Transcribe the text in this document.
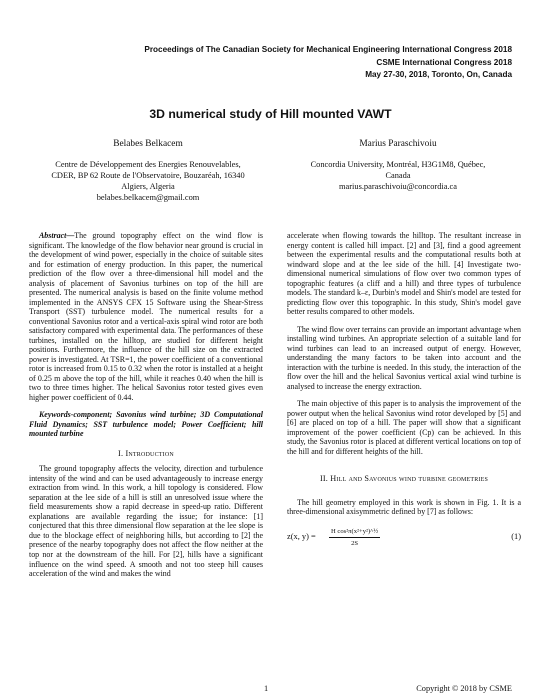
Proceedings of The Canadian Society for Mechanical Engineering International Congress 2018
CSME International Congress 2018
May 27-30, 2018, Toronto, On, Canada
3D numerical study of Hill mounted VAWT
Belabes Belkacem
Centre de Développement des Energies Renouvelables,
CDER, BP 62 Route de l'Observatoire, Bouzaréah, 16340
Algiers, Algeria
belabes.belkacem@gmail.com
Marius Paraschivoiu
Concordia University, Montréal, H3G1M8, Québec,
Canada
marius.paraschivoiu@concordia.ca

Abstract—The ground topography effect on the wind flow is significant. The knowledge of the flow behavior near ground is crucial in the development of wind power, especially in the choice of suitable sites and for estimation of energy production. In this paper, the numerical prediction of the flow over a three-dimensional hill model and the analysis of placement of Savonius turbines on top of the hill are presented. The numerical analysis is based on the finite volume method implemented in the ANSYS CFX 15 Software using the Shear-Stress Transport (SST) turbulence model. The numerical results for a conventional Savonius rotor and a vertical-axis spiral wind rotor are both satisfactory compared with experimental data. The performances of these turbines, installed on the hilltop, are studied for different height positions. Furthermore, the influence of the hill size on the extracted power is investigated. At TSR=1, the power coefficient of a conventional rotor is increased from 0.15 to 0.32 when the rotor is installed at a height of 0.25 m above the top of the hill, while it reaches 0.40 when the hill is two to three times higher. The helical Savonius rotor tested gives even higher power coefficient of 0.44.

Keywords-component; Savonius wind turbine; 3D Computational Fluid Dynamics; SST turbulence model; Power Coefficient; hill mounted turbine

I. Introduction

The ground topography affects the velocity, direction and turbulence intensity of the wind and can be used advantageously to increase energy extraction from wind. In this work, a hill topology is considered. Flow separation at the lee side of a hill is still an unresolved issue where the field measurements show a rapid decrease in speed-up ratio. Different explanations are available regarding the issue; for instance: [1] conjectured that this three dimensional flow separation at the lee slope is due to the blockage effect of neighboring hills, but according to [2] the presence of the nearby topography does not affect the flow neither at the top nor at the downstream of the hill. For [2], hills have a significant influence on the wind speed. A smooth and not too steep hill causes acceleration of the wind and makes the wind

accelerate when flowing towards the hilltop. The resultant increase in energy content is called hill impact. [2] and [3], find a good agreement between the experimental results and the computational results both at windward slope and at the lee side of the hill. [4] Investigate two-dimensional numerical simulations of flow over two common types of topographic features (a cliff and a hill) and three types of turbulence models. The standard k–ε, Durbin's model and Shin's model are tested for predicting flow over this topographic. In this study, Shin's model gave better results compared to other models.

The wind flow over terrains can provide an important advantage when installing wind turbines. An appropriate selection of a suitable land for wind turbines can lead to an increased output of energy. However, understanding the many factors to be taken into account and the interaction with the turbine is needed. In this study, the interaction of the flow over the hill and the helical Savonius vertical axial wind turbine is analysed to increase the energy extraction.

The main objective of this paper is to analysis the improvement of the power output when the helical Savonius wind rotor developed by [5] and [6] are placed on top of a hill. The paper will show that a significant improvement of the power coefficient (Cp) can be achieved. In this study, the Savonius rotor is placed at different vertical locations on top of the hill and for different heights of the hill.

II. Hill and Savonius wind turbine geometries

The hill geometry employed in this work is shown in Fig. 1. It is a three-dimensional axisymmetric defined by [7] as follows:

z(x, $y) = \frac{\text{H cos²π(x²+y²)\textasciicircum{}½}}{2S}$	(1)
1	Copyright © 2018 by CSME
